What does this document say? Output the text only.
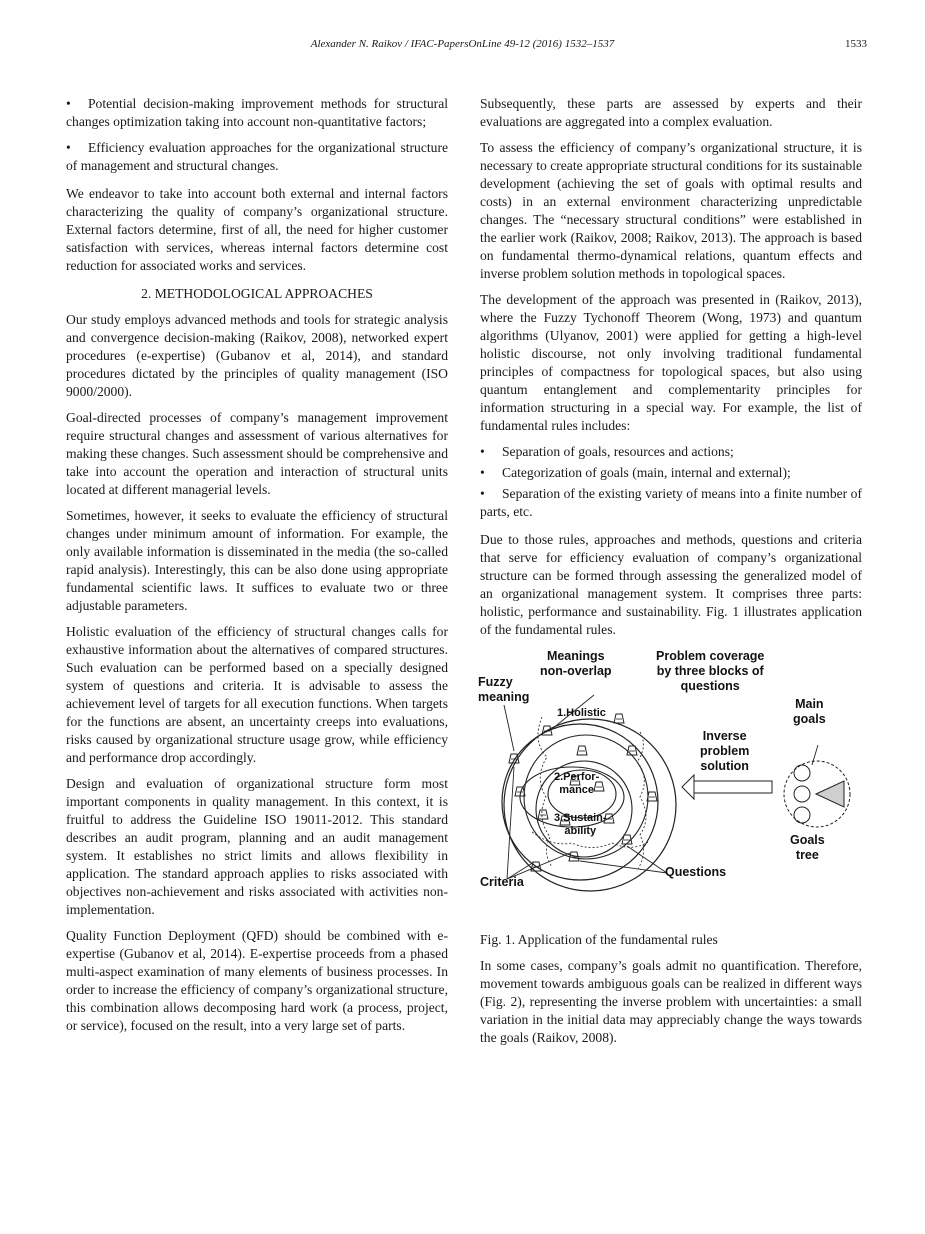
Alexander N. Raikov / IFAC-PapersOnLine 49-12 (2016) 1532–1537	1533

• Potential decision-making improvement methods for structural changes optimization taking into account non-quantitative factors;

• Efficiency evaluation approaches for the organizational structure of management and structural changes.

We endeavor to take into account both external and internal factors characterizing the quality of company’s organizational structure. External factors determine, first of all, the need for higher customer satisfaction with services, whereas internal factors determine cost reduction for associated works and services.

2. METHODOLOGICAL APPROACHES

Our study employs advanced methods and tools for strategic analysis and convergence decision-making (Raikov, 2008), networked expert procedures (e-expertise) (Gubanov et al, 2014), and standard procedures dictated by the principles of quality management (ISO 9000/2000).

Goal-directed processes of company’s management improvement require structural changes and assessment of various alternatives for making these changes. Such assessment should be comprehensive and take into account the operation and interaction of structural units located at different managerial levels.

Sometimes, however, it seeks to evaluate the efficiency of structural changes under minimum amount of information. For example, the only available information is disseminated in the media (the so-called rapid analysis). Interestingly, this can be also done using appropriate fundamental scientific laws. It suffices to evaluate two or three adjustable parameters.

Holistic evaluation of the efficiency of structural changes calls for exhaustive information about the alternatives of compared structures. Such evaluation can be performed based on a specially designed system of questions and criteria. It is advisable to assess the achievement level of targets for all execution functions. When targets for the functions are absent, an uncertainty creeps into evaluations, risks caused by organizational structure usage grow, while efficiency and performance drop accordingly.

Design and evaluation of organizational structure form most important components in quality management. In this context, it is fruitful to address the Guideline ISO 19011-2012. This standard describes an audit program, planning and an audit management system. It establishes no strict limits and allows flexibility in application. The standard approach applies to risks associated with objectives non-achievement and risks associated with activities non-implementation.

Quality Function Deployment (QFD) should be combined with e-expertise (Gubanov et al, 2014). E-expertise proceeds from a phased multi-aspect examination of many elements of business processes. In order to increase the efficiency of company’s organizational structure, this combination allows decomposing hard work (a process, project, or service), focused on the result, into a very large set of parts.

Subsequently, these parts are assessed by experts and their evaluations are aggregated into a complex evaluation.

To assess the efficiency of company’s organizational structure, it is necessary to create appropriate structural conditions for its sustainable development (achieving the set of goals with optimal results and costs) in an external environment characterizing unpredictable changes. The “necessary structural conditions” were established in the earlier work (Raikov, 2008; Raikov, 2013). The approach is based on fundamental thermo-dynamical relations, quantum effects and inverse problem solution methods in topological spaces.

The development of the approach was presented in (Raikov, 2013), where the Fuzzy Tychonoff Theorem (Wong, 1973) and quantum algorithms (Ulyanov, 2001) were applied for getting a high-level holistic discourse, not only involving traditional fundamental principles of compactness for topological spaces, but also using quantum entanglement and complementarity principles for information structuring in a special way. For example, the list of fundamental rules includes:

• Separation of goals, resources and actions;

• Categorization of goals (main, internal and external);

• Separation of the existing variety of means into a finite number of parts, etc.

Due to those rules, approaches and methods, questions and criteria that serve for efficiency evaluation of company’s organizational structure can be formed through assessing the generalized model of an organizational management system. It comprises three parts: holistic, performance and sustainability. Fig. 1 illustrates application of the fundamental rules.

Meanings
non-overlap
Problem coverage
by three blocks of
questions
Fuzzy
meaning
1.Holistic
2.Perfor-
mance
3.Sustain-
ability
Inverse
problem
solution
Main
goals
Goals
tree
Criteria
Questions

Fig. 1. Application of the fundamental rules

In some cases, company’s goals admit no quantification. Therefore, movement towards ambiguous goals can be realized in different ways (Fig. 2), representing the inverse problem with uncertainties: a small variation in the initial data may appreciably change the ways towards the goals (Raikov, 2008).
